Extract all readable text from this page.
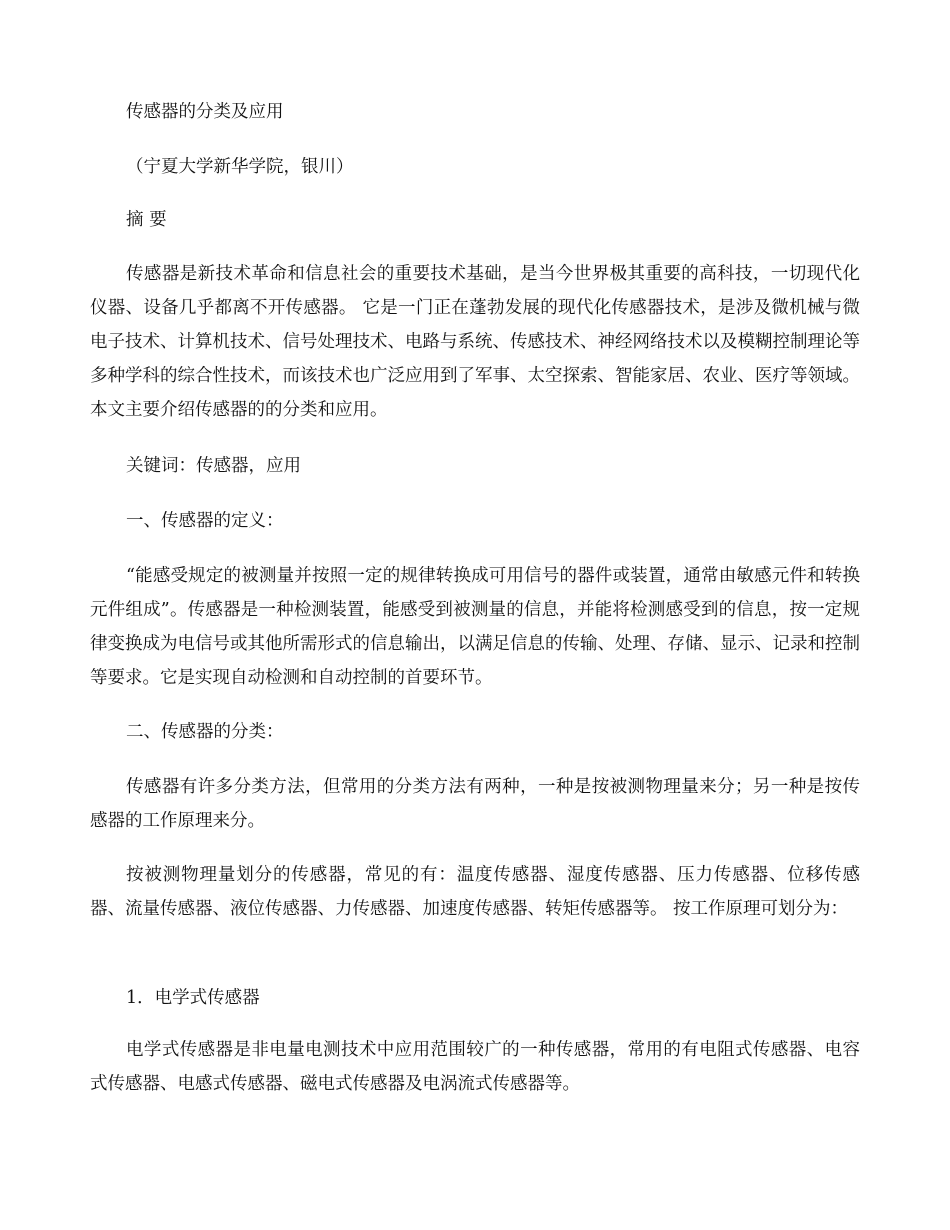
传感器的分类及应用

（宁夏大学新华学院，银川）

摘 要

传感器是新技术革命和信息社会的重要技术基础，是当今世界极其重要的高科技，一切现代化仪器、设备几乎都离不开传感器。 它是一门正在蓬勃发展的现代化传感器技术，是涉及微机械与微电子技术、计算机技术、信号处理技术、电路与系统、传感技术、神经网络技术以及模糊控制理论等多种学科的综合性技术，而该技术也广泛应用到了军事、太空探索、智能家居、农业、医疗等领域。本文主要介绍传感器的的分类和应用。

关键词：传感器，应用

一、传感器的定义：

“能感受规定的被测量并按照一定的规律转换成可用信号的器件或装置，通常由敏感元件和转换元件组成”。传感器是一种检测装置，能感受到被测量的信息，并能将检测感受到的信息，按一定规律变换成为电信号或其他所需形式的信息输出，以满足信息的传输、处理、存储、显示、记录和控制等要求。它是实现自动检测和自动控制的首要环节。

二、传感器的分类：

传感器有许多分类方法，但常用的分类方法有两种，一种是按被测物理量来分；另一种是按传感器的工作原理来分。

按被测物理量划分的传感器，常见的有：温度传感器、湿度传感器、压力传感器、位移传感器、流量传感器、液位传感器、力传感器、加速度传感器、转矩传感器等。 按工作原理可划分为：

1．电学式传感器

电学式传感器是非电量电测技术中应用范围较广的一种传感器，常用的有电阻式传感器、电容式传感器、电感式传感器、磁电式传感器及电涡流式传感器等。
